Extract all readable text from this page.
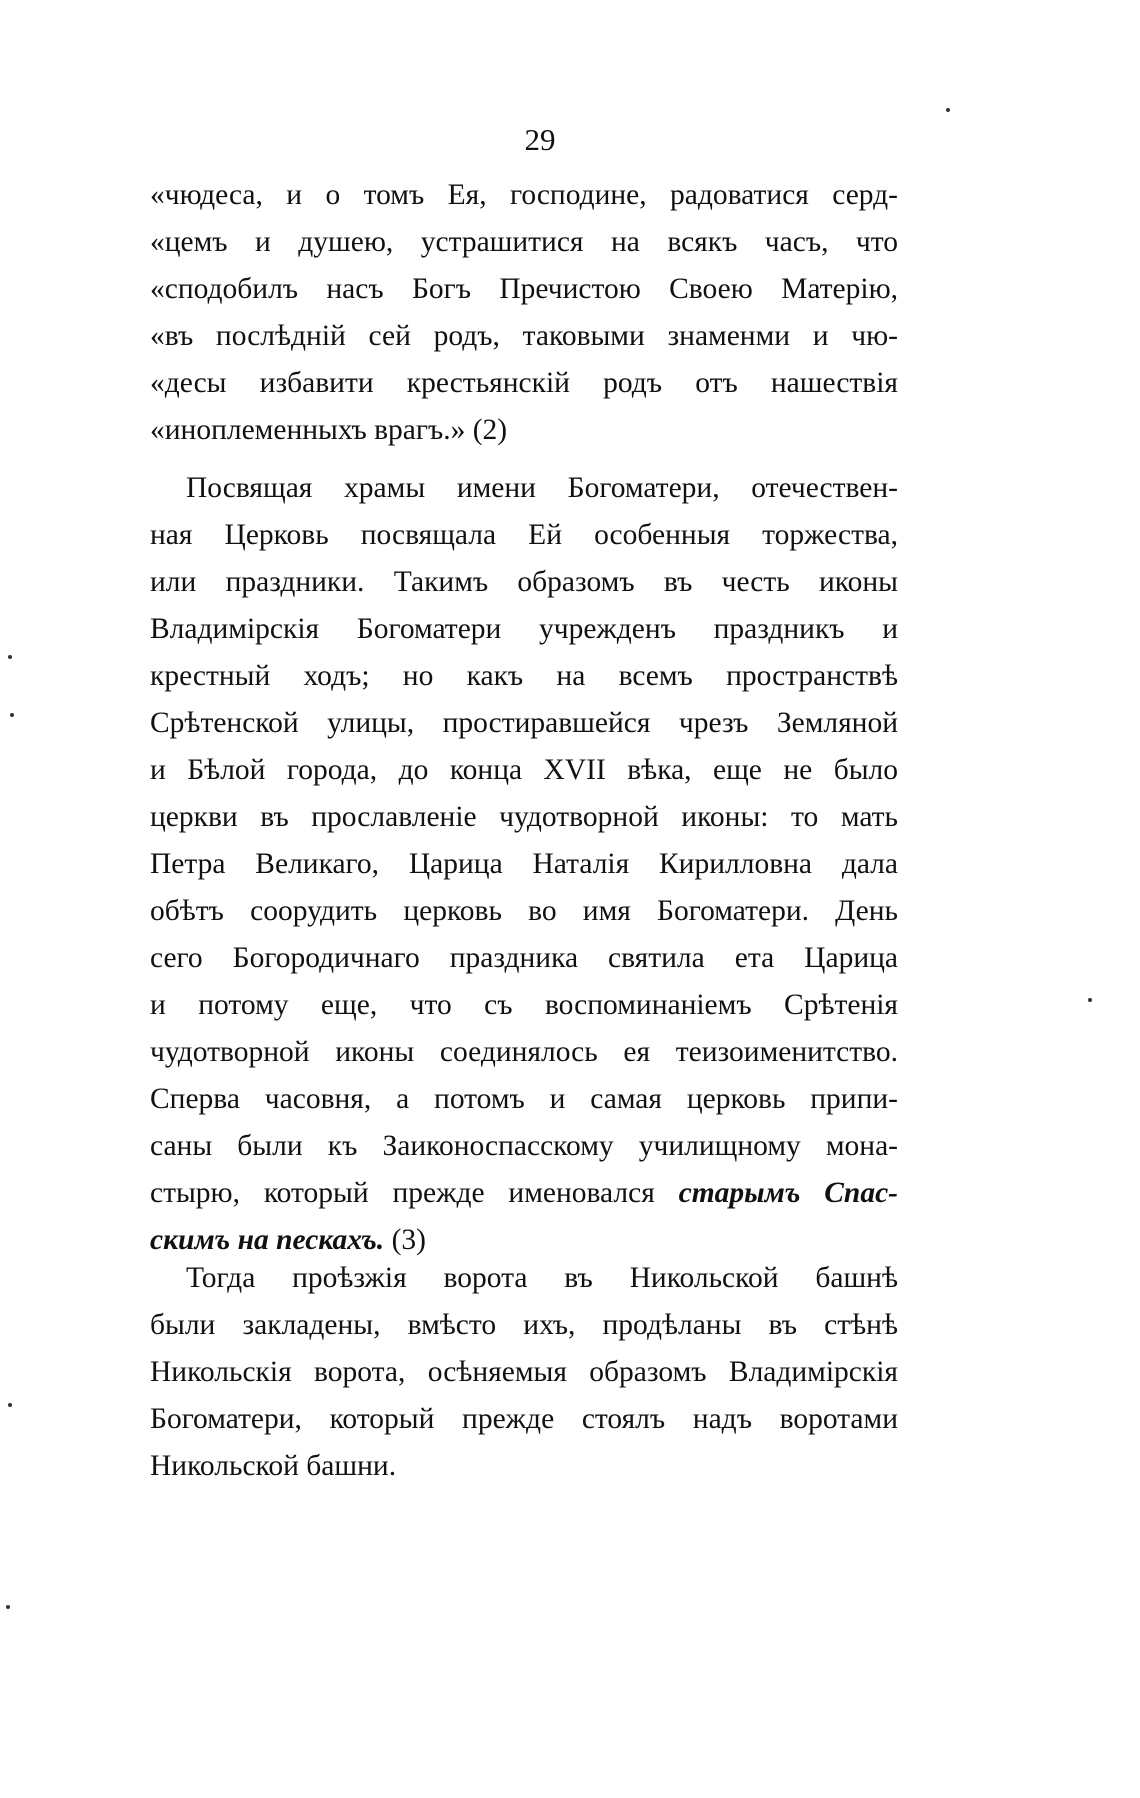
29
«чюдеса, и о томъ Ея, господине, радоватися серд-
«цемъ и душею, устрашитися на всякъ часъ, что
«сподобилъ насъ Богъ Пречистою Своею Матерію,
«въ послѣдній сей родъ, таковыми знаменми и чю-
«десы избавити крестьянскій родъ отъ нашествія
«иноплеменныхъ врагъ.» (2)
Посвящая храмы имени Богоматери, отечествен-
ная Церковь посвящала Ей особенныя торжества,
или праздники. Такимъ образомъ въ честь иконы
Владимірскія Богоматери учрежденъ праздникъ и
крестный ходъ; но какъ на всемъ пространствѣ
Срѣтенской улицы, простиравшейся чрезъ Земляной
и Бѣлой города, до конца XVII вѣка, еще не было
церкви въ прославленіе чудотворной иконы: то мать
Петра Великаго, Царица Наталія Кирилловна дала
обѣтъ соорудить церковь во имя Богоматери. День
сего Богородичнаго праздника святила ета Царица
и потому еще, что съ воспоминаніемъ Срѣтенія
чудотворной иконы соединялось ея теизоименитство.
Сперва часовня, а потомъ и самая церковь припи-
саны были къ Заиконоспасскому училищному мона-
стырю, который прежде именовался старымъ Спас-
скимъ на пескахъ. (3)
Тогда проѣзжія ворота въ Никольской башнѣ
были закладены, вмѣсто ихъ, продѣланы въ стѣнѣ
Никольскія ворота, осѣняемыя образомъ Владимірскія
Богоматери, который прежде стоялъ надъ воротами
Никольской башни.
